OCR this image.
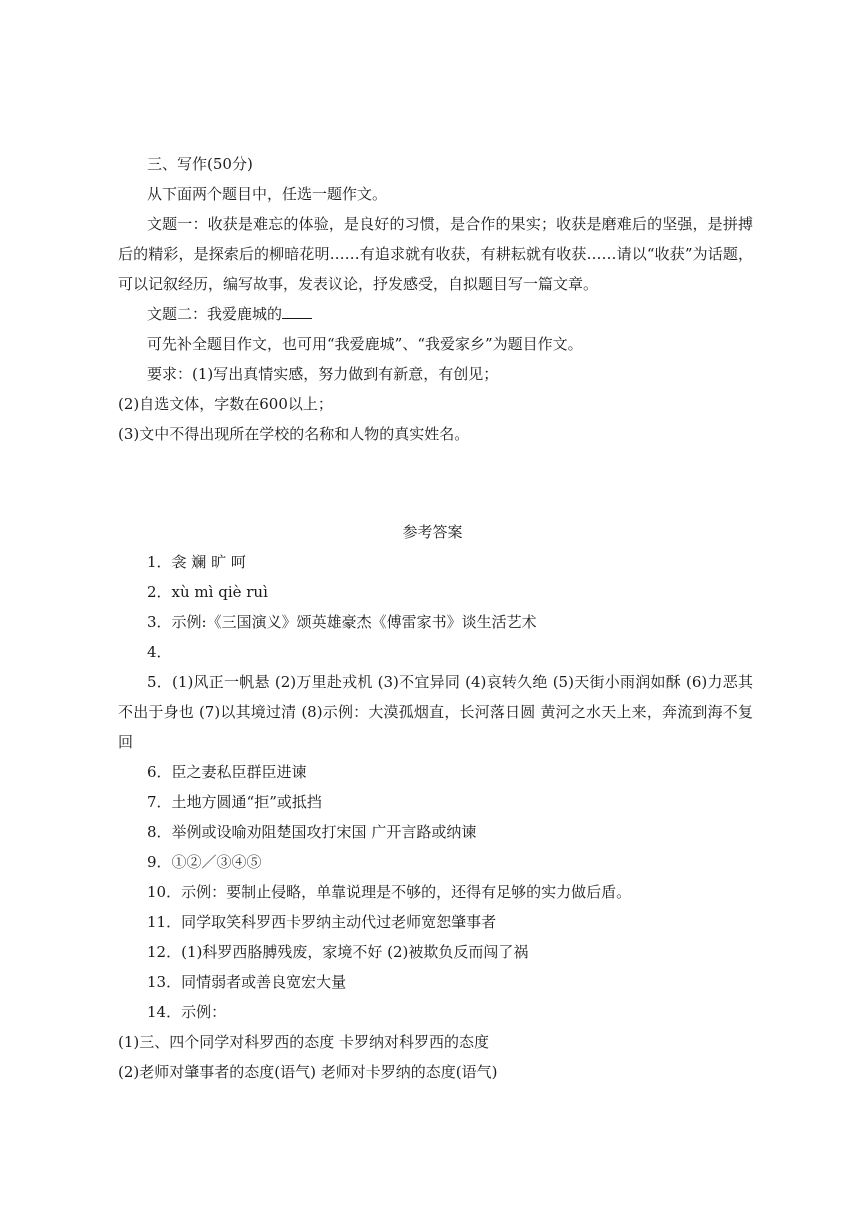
三、写作(50分)
从下面两个题目中，任选一题作文。
文题一：收获是难忘的体验，是良好的习惯，是合作的果实；收获是磨难后的坚强，是拼搏后的精彩，是探索后的柳暗花明……有追求就有收获，有耕耘就有收获……请以“收获”为话题，可以记叙经历，编写故事，发表议论，抒发感受，自拟题目写一篇文章。
文题二：我爱鹿城的
可先补全题目作文，也可用“我爱鹿城”、“我爱家乡”为题目作文。
要求：(1)写出真情实感，努力做到有新意，有创见；
(2)自选文体，字数在600以上；
(3)文中不得出现所在学校的名称和人物的真实姓名。
参考答案
1．衾 斓 旷 呵
2．xù mì qiè ruì
3．示例:《三国演义》颂英雄豪杰《傅雷家书》谈生活艺术
4．
5．(1)风正一帆悬 (2)万里赴戎机 (3)不宜异同 (4)哀转久绝 (5)天街小雨润如酥 (6)力恶其不出于身也 (7)以其境过清 (8)示例：大漠孤烟直，长河落日圆 黄河之水天上来，奔流到海不复回
6．臣之妻私臣群臣进谏
7．土地方圆通“拒”或抵挡
8．举例或设喻劝阻楚国攻打宋国 广开言路或纳谏
9．①②／③④⑤
10．示例：要制止侵略，单靠说理是不够的，还得有足够的实力做后盾。
11．同学取笑科罗西卡罗纳主动代过老师宽恕肇事者
12．(1)科罗西胳膊残废，家境不好 (2)被欺负反而闯了祸
13．同情弱者或善良宽宏大量
14．示例：
(1)三、四个同学对科罗西的态度 卡罗纳对科罗西的态度
(2)老师对肇事者的态度(语气) 老师对卡罗纳的态度(语气)
